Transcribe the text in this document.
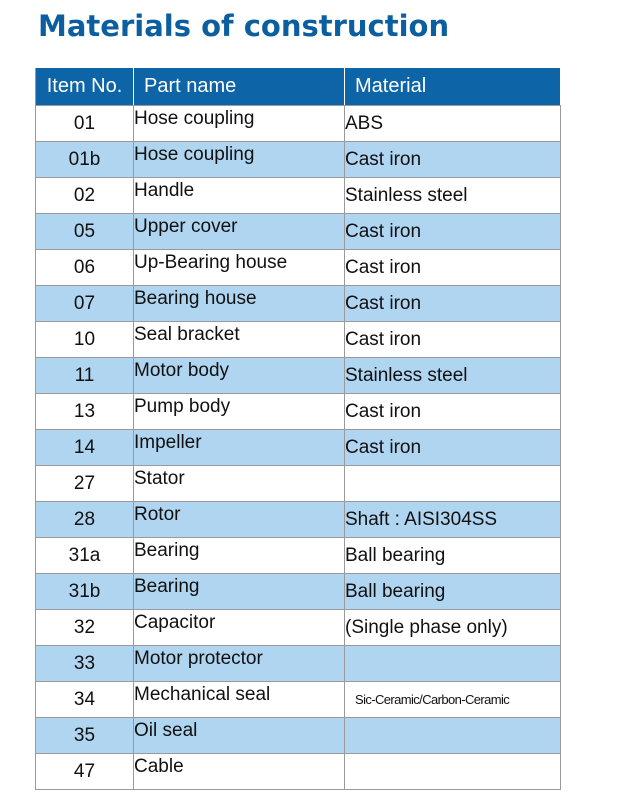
Materials of construction
Item No.	Part name	Material
01	Hose coupling	ABS
01b	Hose coupling	Cast iron
02	Handle	Stainless steel
05	Upper cover	Cast iron
06	Up-Bearing house	Cast iron
07	Bearing house	Cast iron
10	Seal bracket	Cast iron
11	Motor body	Stainless steel
13	Pump body	Cast iron
14	Impeller	Cast iron
27	Stator	
28	Rotor	Shaft : AISI304SS
31a	Bearing	Ball bearing
31b	Bearing	Ball bearing
32	Capacitor	(Single phase only)
33	Motor protector	
34	Mechanical seal	Sic-Ceramic/Carbon-Ceramic
35	Oil seal	
47	Cable	
